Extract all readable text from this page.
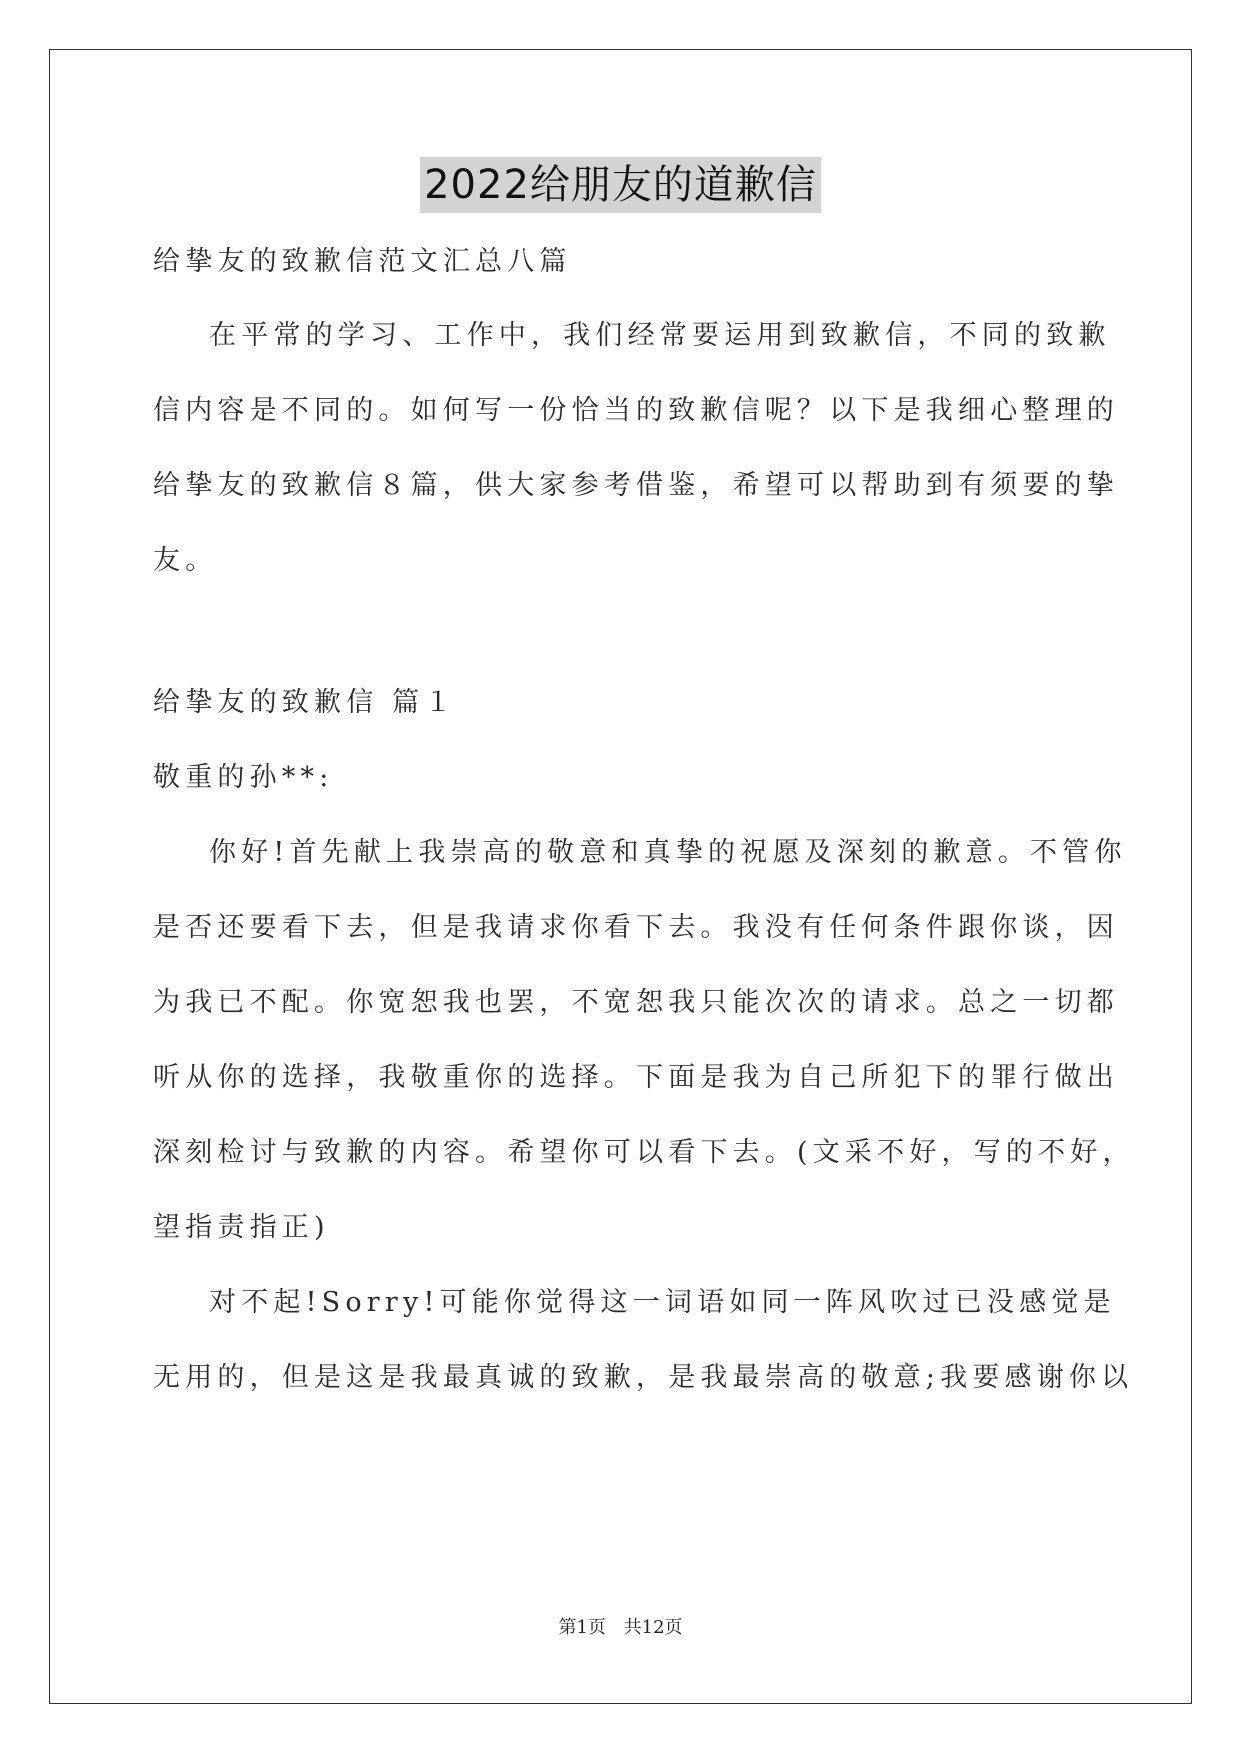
2022给朋友的道歉信
给挚友的致歉信范文汇总八篇
在平常的学习、工作中，我们经常要运用到致歉信，不同的致歉
信内容是不同的。如何写一份恰当的致歉信呢？以下是我细心整理的
给挚友的致歉信８篇，供大家参考借鉴，希望可以帮助到有须要的挚
友。
给挚友的致歉信 篇１
敬重的孙**:
你好!首先献上我崇高的敬意和真挚的祝愿及深刻的歉意。不管你
是否还要看下去，但是我请求你看下去。我没有任何条件跟你谈，因
为我已不配。你宽恕我也罢，不宽恕我只能次次的请求。总之一切都
听从你的选择，我敬重你的选择。下面是我为自己所犯下的罪行做出
深刻检讨与致歉的内容。希望你可以看下去。(文采不好，写的不好，
望指责指正)
对不起!Sorry!可能你觉得这一词语如同一阵风吹过已没感觉是
无用的，但是这是我最真诚的致歉，是我最崇高的敬意;我要感谢你以
第1页 共12页
